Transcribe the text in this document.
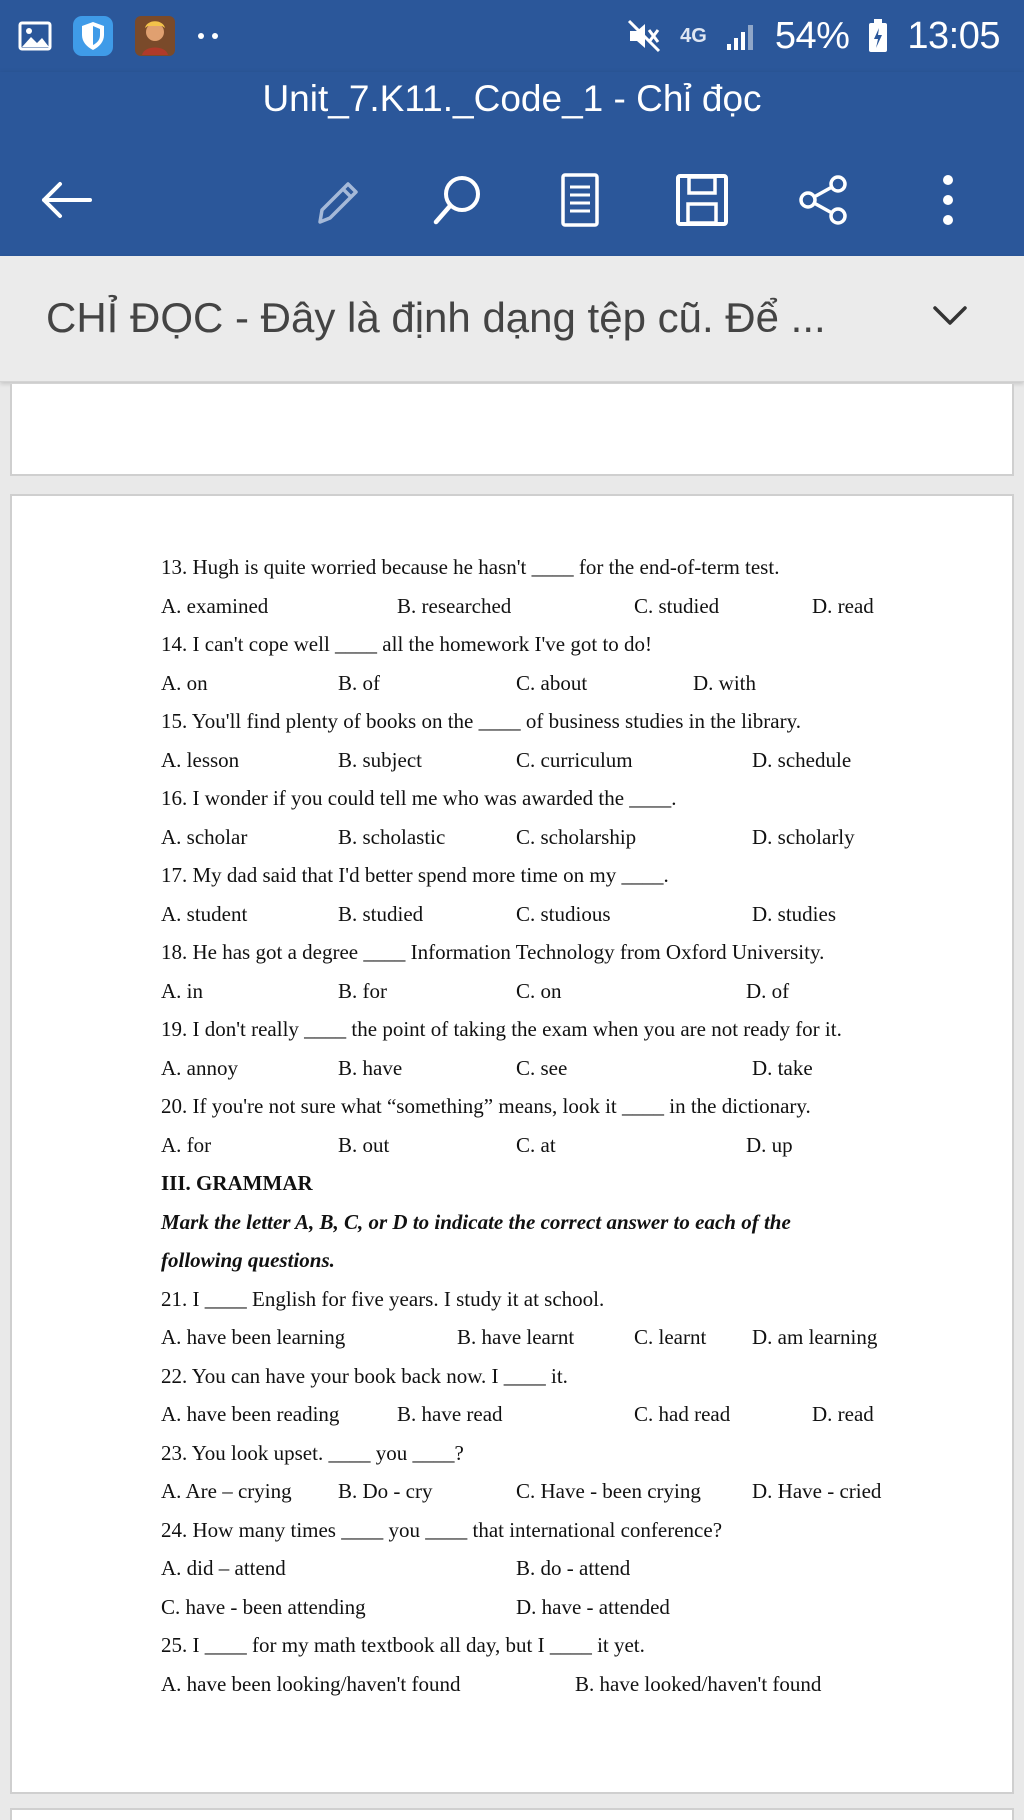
4G 54% 13:05
Unit_7.K11._Code_1 - Chỉ đọc
CHỈ ĐỌC - Đây là định dạng tệp cũ. Để ...
13. Hugh is quite worried because he hasn't ____ for the end-of-term test.
A. examined	B. researched	C. studied	D. read
14. I can't cope well ____ all the homework I've got to do!
A. on	B. of	C. about	D. with
15. You'll find plenty of books on the ____ of business studies in the library.
A. lesson	B. subject	C. curriculum	D. schedule
16. I wonder if you could tell me who was awarded the ____.
A. scholar	B. scholastic	C. scholarship	D. scholarly
17. My dad said that I'd better spend more time on my ____.
A. student	B. studied	C. studious	D. studies
18. He has got a degree ____ Information Technology from Oxford University.
A. in	B. for	C. on	D. of
19. I don't really ____ the point of taking the exam when you are not ready for it.
A. annoy	B. have	C. see	D. take
20. If you're not sure what “something” means, look it ____ in the dictionary.
A. for	B. out	C. at	D. up
III. GRAMMAR
Mark the letter A, B, C, or D to indicate the correct answer to each of the
following questions.
21. I ____ English for five years. I study it at school.
A. have been learning	B. have learnt	C. learnt D. am learning
22. You can have your book back now. I ____ it.
A. have been reading	B. have read	C. had read	D. read
23. You look upset. ____ you ____?
A. Are – crying B. Do - cry	C. Have - been crying D. Have - cried
24. How many times ____ you ____ that international conference?
A. did – attend	B. do - attend
C. have - been attending	D. have - attended
25. I ____ for my math textbook all day, but I ____ it yet.
A. have been looking/haven't found	B. have looked/haven't found
